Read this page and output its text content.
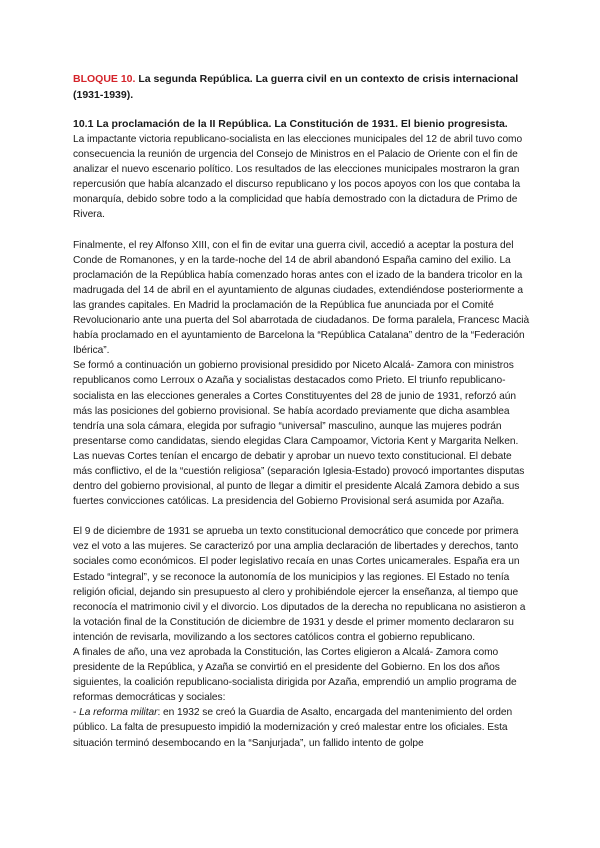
BLOQUE 10. La segunda República. La guerra civil en un contexto de crisis internacional (1931-1939).

10.1 La proclamación de la II República. La Constitución de 1931. El bienio progresista.

La impactante victoria republicano-socialista en las elecciones municipales del 12 de abril tuvo como consecuencia la reunión de urgencia del Consejo de Ministros en el Palacio de Oriente con el fin de analizar el nuevo escenario político. Los resultados de las elecciones municipales mostraron la gran repercusión que había alcanzado el discurso republicano y los pocos apoyos con los que contaba la monarquía, debido sobre todo a la complicidad que había demostrado con la dictadura de Primo de Rivera.

Finalmente, el rey Alfonso XIII, con el fin de evitar una guerra civil, accedió a aceptar la postura del Conde de Romanones, y en la tarde-noche del 14 de abril abandonó España camino del exilio. La proclamación de la República había comenzado horas antes con el izado de la bandera tricolor en la madrugada del 14 de abril en el ayuntamiento de algunas ciudades, extendiéndose posteriormente a las grandes capitales. En Madrid la proclamación de la República fue anunciada por el Comité Revolucionario ante una puerta del Sol abarrotada de ciudadanos. De forma paralela, Francesc Macià había proclamado en el ayuntamiento de Barcelona la “República Catalana” dentro de la “Federación Ibérica”.

Se formó a continuación un gobierno provisional presidido por Niceto Alcalá- Zamora con ministros republicanos como Lerroux o Azaña y socialistas destacados como Prieto. El triunfo republicano-socialista en las elecciones generales a Cortes Constituyentes del 28 de junio de 1931, reforzó aún más las posiciones del gobierno provisional. Se había acordado previamente que dicha asamblea tendría una sola cámara, elegida por sufragio “universal” masculino, aunque las mujeres podrán presentarse como candidatas, siendo elegidas Clara Campoamor, Victoria Kent y Margarita Nelken. Las nuevas Cortes tenían el encargo de debatir y aprobar un nuevo texto constitucional. El debate más conflictivo, el de la “cuestión religiosa” (separación Iglesia-Estado) provocó importantes disputas dentro del gobierno provisional, al punto de llegar a dimitir el presidente Alcalá Zamora debido a sus fuertes convicciones católicas. La presidencia del Gobierno Provisional será asumida por Azaña.

El 9 de diciembre de 1931 se aprueba un texto constitucional democrático que concede por primera vez el voto a las mujeres. Se caracterizó por una amplia declaración de libertades y derechos, tanto sociales como económicos. El poder legislativo recaía en unas Cortes unicamerales. España era un Estado “integral”, y se reconoce la autonomía de los municipios y las regiones. El Estado no tenía religión oficial, dejando sin presupuesto al clero y prohibiéndole ejercer la enseñanza, al tiempo que reconocía el matrimonio civil y el divorcio. Los diputados de la derecha no republicana no asistieron a la votación final de la Constitución de diciembre de 1931 y desde el primer momento declararon su intención de revisarla, movilizando a los sectores católicos contra el gobierno republicano.

A finales de año, una vez aprobada la Constitución, las Cortes eligieron a Alcalá- Zamora como presidente de la República, y Azaña se convirtió en el presidente del Gobierno. En los dos años siguientes, la coalición republicano-socialista dirigida por Azaña, emprendió un amplio programa de reformas democráticas y sociales:

- La reforma militar: en 1932 se creó la Guardia de Asalto, encargada del mantenimiento del orden público. La falta de presupuesto impidió la modernización y creó malestar entre los oficiales. Esta situación terminó desembocando en la “Sanjurjada”, un fallido intento de golpe
